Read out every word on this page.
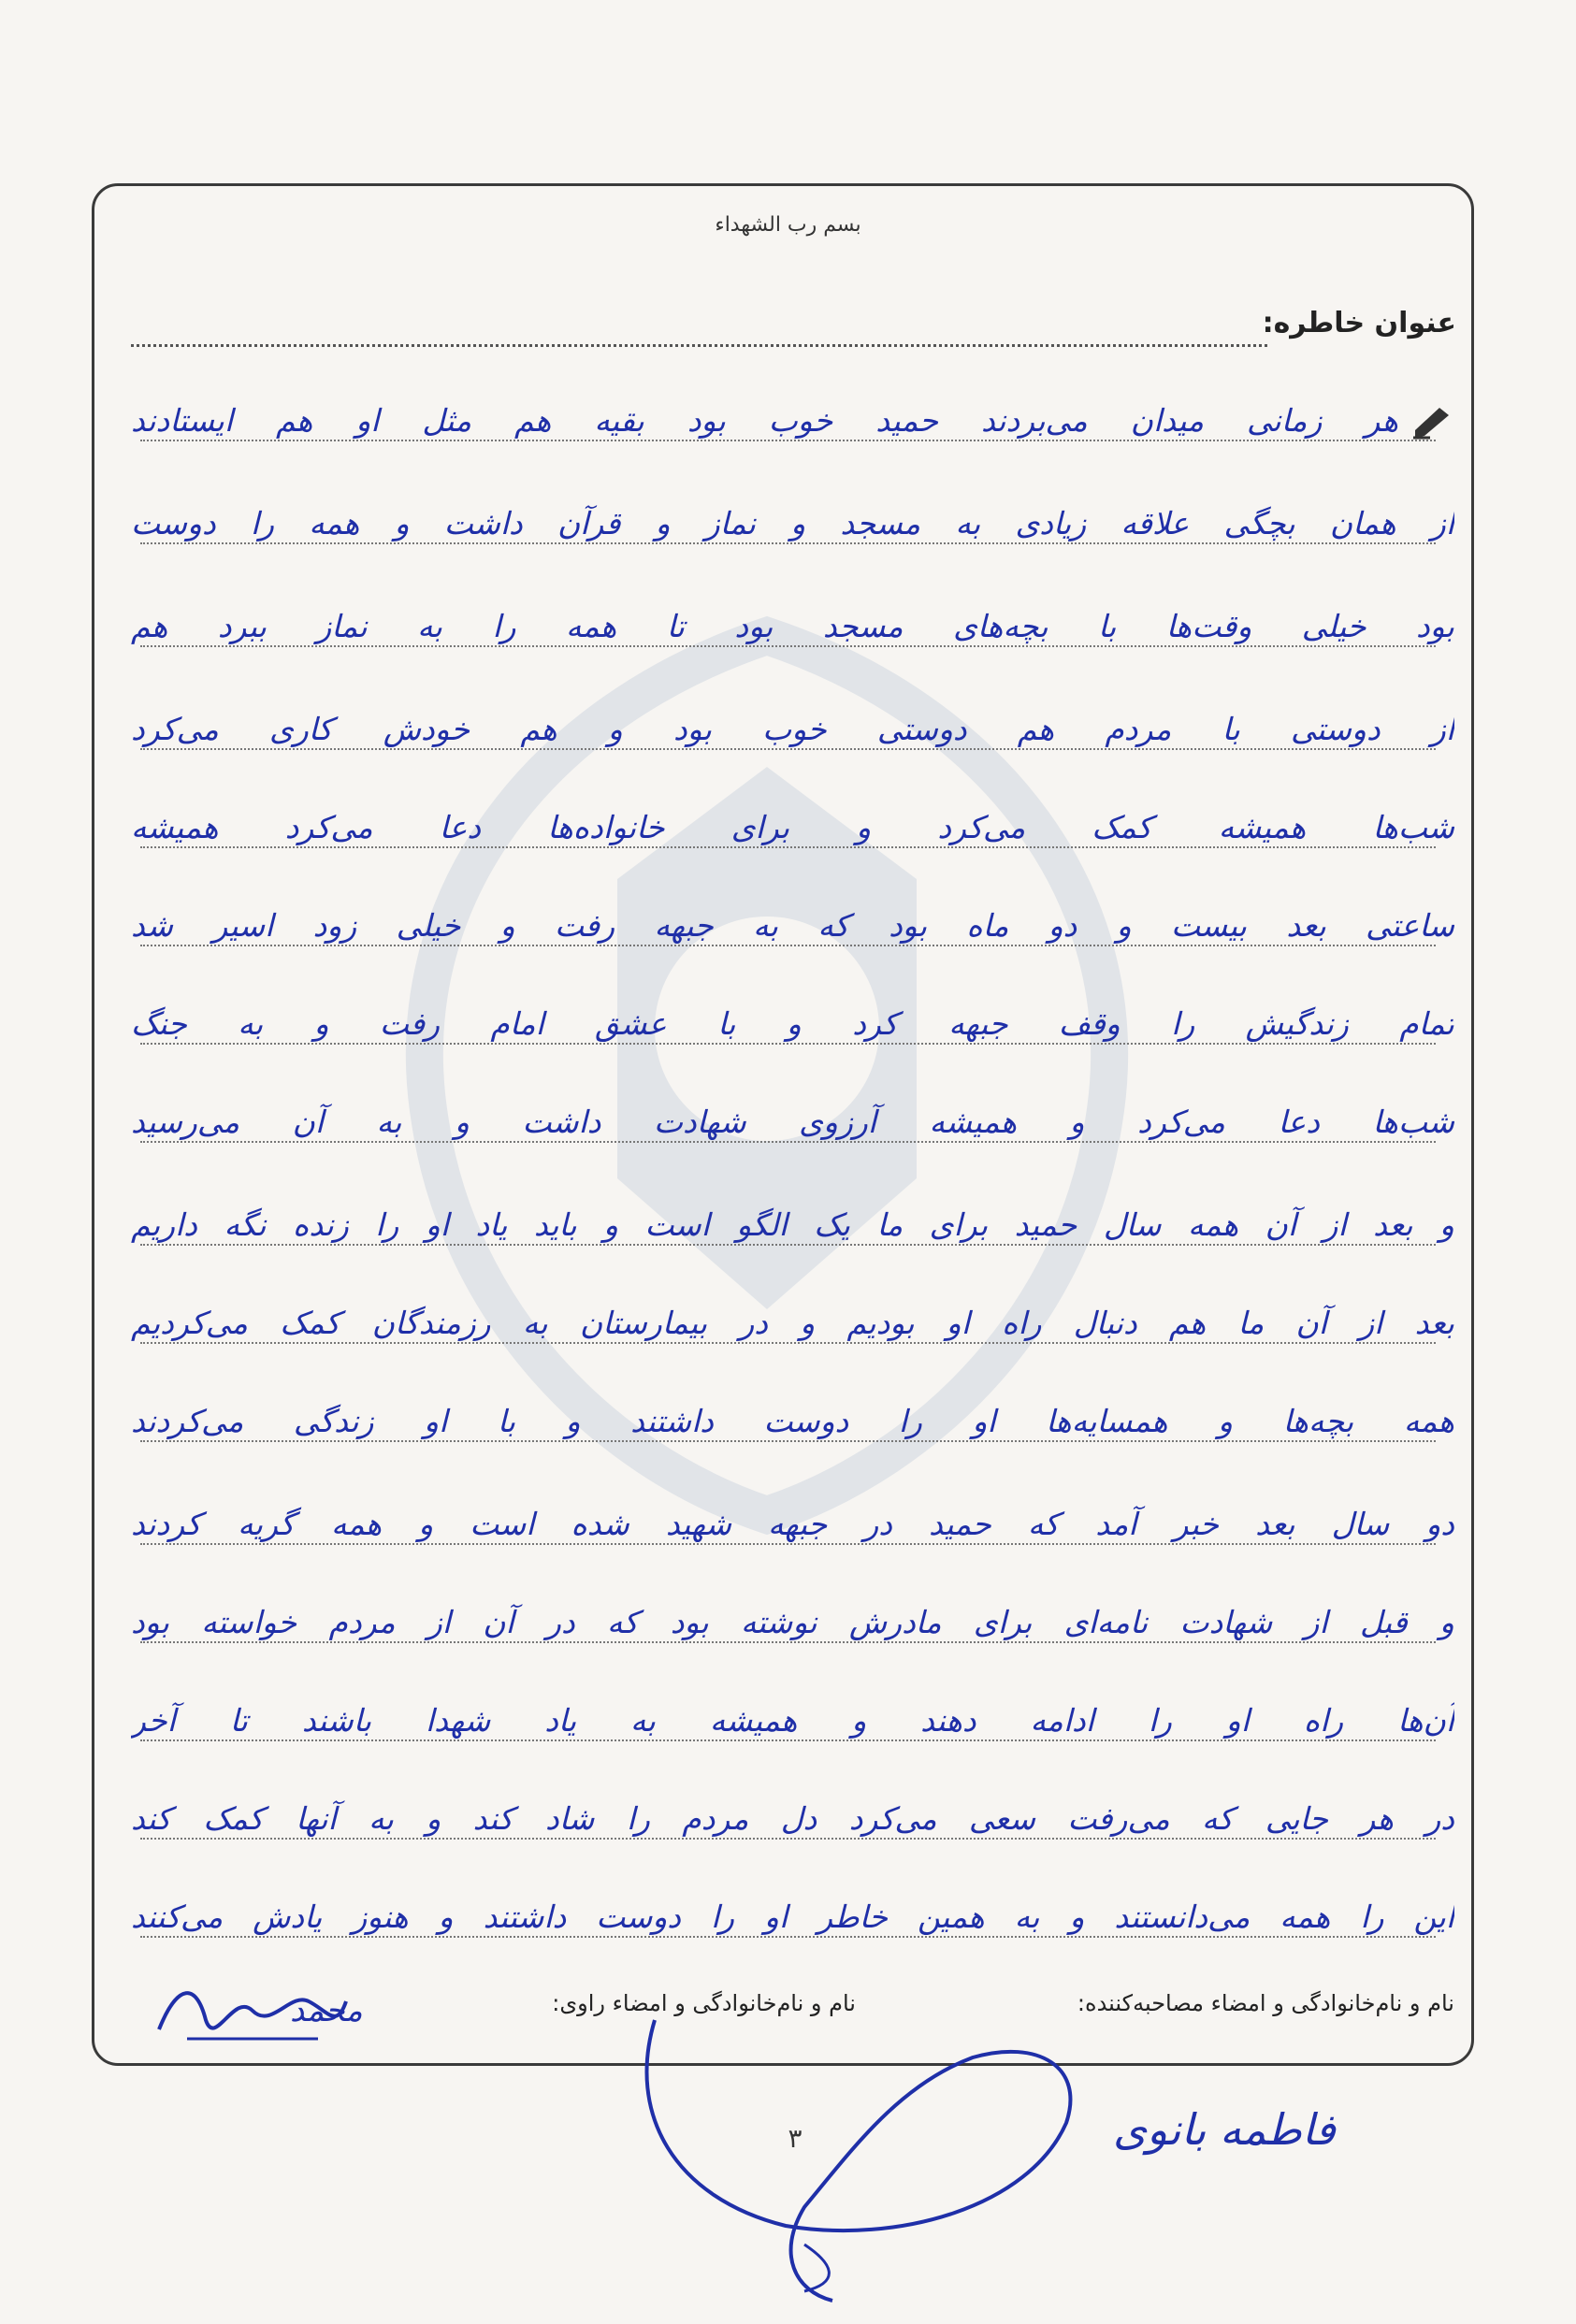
بسم رب الشهداء
عنوان خاطره:
هر زمانی میدان می‌بردند حمید خوب بود بقیه هم مثل او هم ایستادند
از همان بچگی علاقه زیادی به مسجد و نماز و قرآن داشت و همه را دوست
بود خیلی وقت‌ها با بچه‌های مسجد بود تا همه را به نماز ببرد هم
از دوستی با مردم هم دوستی خوب بود و هم خودش کاری می‌کرد
شب‌ها همیشه کمک می‌کرد و برای خانواده‌ها دعا می‌کرد همیشه
ساعتی بعد بیست و دو ماه بود که به جبهه رفت و خیلی زود اسیر شد
تمام زندگیش را وقف جبهه کرد و با عشق امام رفت و به جنگ
شب‌ها دعا می‌کرد و همیشه آرزوی شهادت داشت و به آن می‌رسید
و بعد از آن همه سال حمید برای ما یک الگو است و باید یاد او را زنده نگه داریم
بعد از آن ما هم دنبال راه او بودیم و در بیمارستان به رزمندگان کمک می‌کردیم
همه بچه‌ها و همسایه‌ها او را دوست داشتند و با او زندگی می‌کردند
دو سال بعد خبر آمد که حمید در جبهه شهید شده است و همه گریه کردند
و قبل از شهادت نامه‌ای برای مادرش نوشته بود که در آن از مردم خواسته بود
آن‌ها راه او را ادامه دهند و همیشه به یاد شهدا باشند تا آخر
در هر جایی که می‌رفت سعی می‌کرد دل مردم را شاد کند و به آنها کمک کند
این را همه می‌دانستند و به همین خاطر او را دوست داشتند و هنوز یادش می‌کنند
نام و نام‌خانوادگی و امضاء مصاحبه‌کننده:
نام و نام‌خانوادگی و امضاء راوی:
محمد
فاطمه بانوی
۳
